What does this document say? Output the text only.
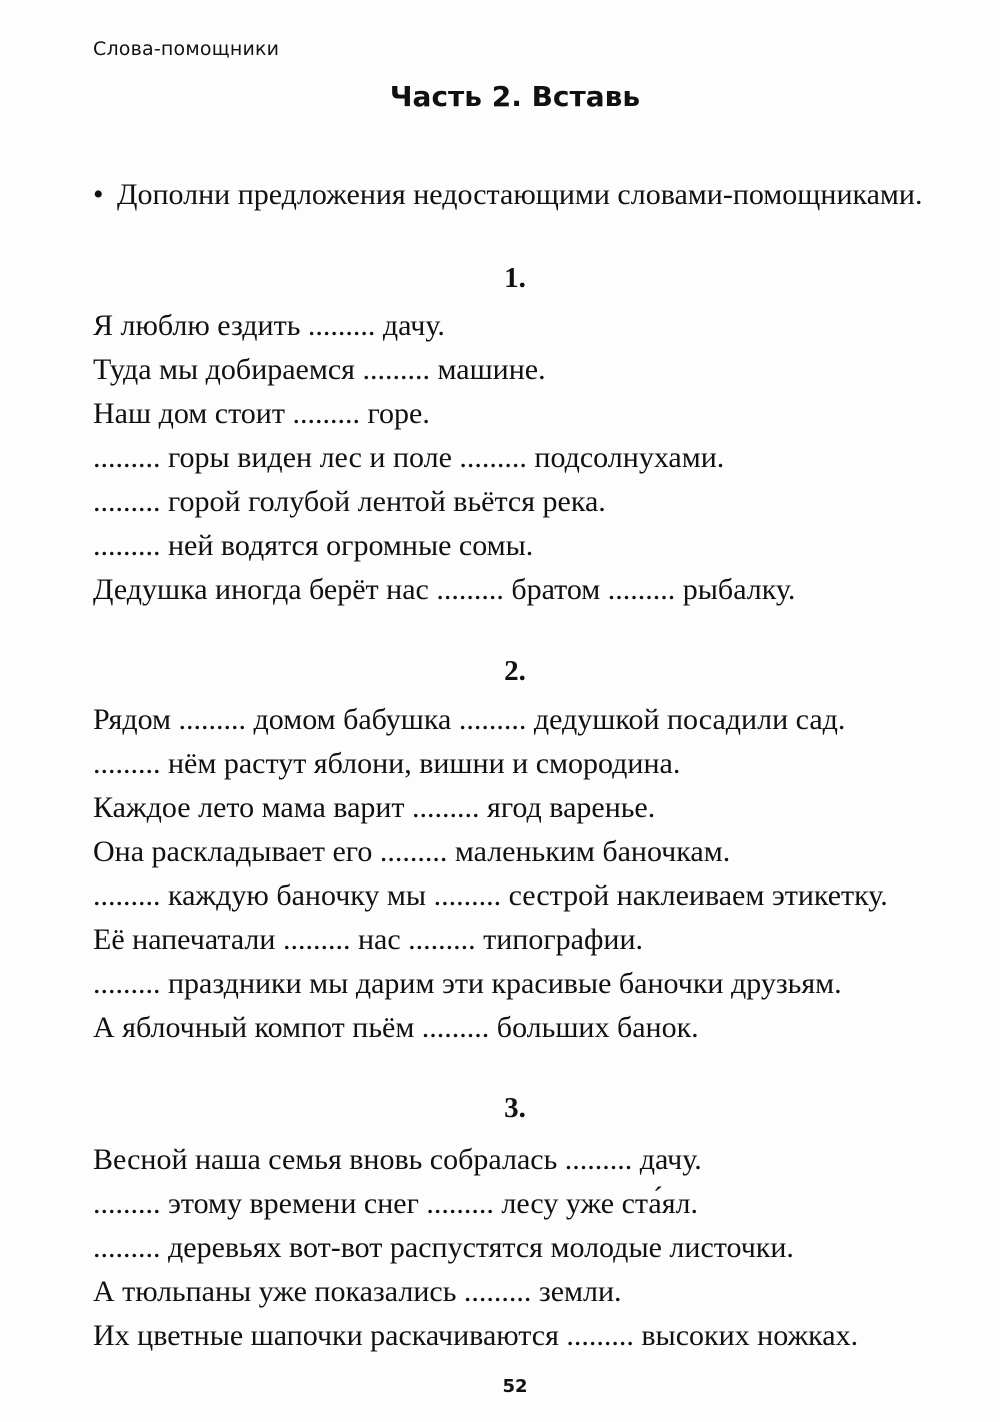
Слова-помощники
Часть 2. Вставь
• Дополни предложения недостающими словами-помощниками.
1.
Я люблю ездить ......... дачу.
Туда мы добираемся ......... машине.
Наш дом стоит ......... горе.
......... горы виден лес и поле ......... подсолнухами.
......... горой голубой лентой вьётся река.
......... ней водятся огромные сомы.
Дедушка иногда берёт нас ......... братом ......... рыбалку.
2.
Рядом ......... домом бабушка ......... дедушкой посадили сад.
......... нём растут яблони, вишни и смородина.
Каждое лето мама варит ......... ягод варенье.
Она раскладывает его ......... маленьким баночкам.
......... каждую баночку мы ......... сестрой наклеиваем этикетку.
Её напечатали ......... нас ......... типографии.
......... праздники мы дарим эти красивые баночки друзьям.
А яблочный компот пьём ......... больших банок.
3.
Весной наша семья вновь собралась ......... дачу.
......... этому времени снег ......... лесу уже ста́ял.
......... деревьях вот-вот распустятся молодые листочки.
А тюльпаны уже показались ......... земли.
Их цветные шапочки раскачиваются ......... высоких ножках.
52
